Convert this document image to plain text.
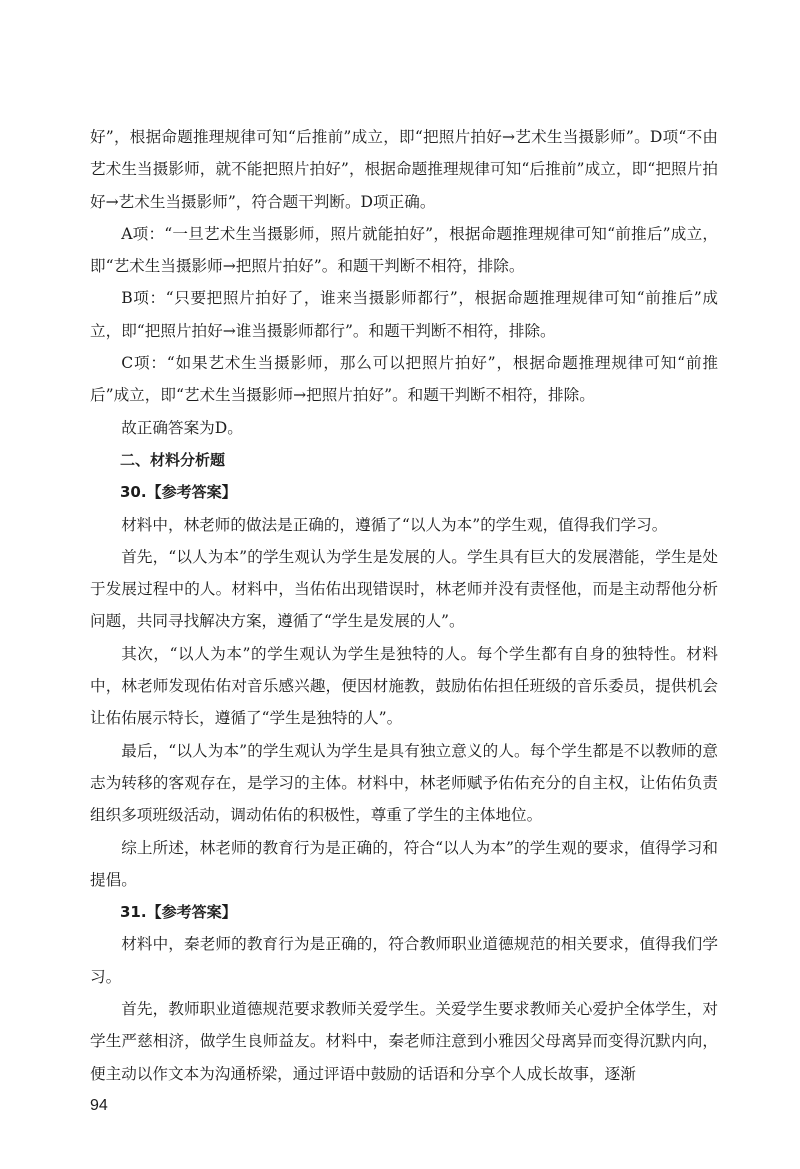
好”，根据命题推理规律可知“后推前”成立，即“把照片拍好→艺术生当摄影师”。D项“不由艺术生当摄影师，就不能把照片拍好”，根据命题推理规律可知“后推前”成立，即“把照片拍好→艺术生当摄影师”，符合题干判断。D项正确。

A项：“一旦艺术生当摄影师，照片就能拍好”，根据命题推理规律可知“前推后”成立，即“艺术生当摄影师→把照片拍好”。和题干判断不相符，排除。

B项：“只要把照片拍好了，谁来当摄影师都行”，根据命题推理规律可知“前推后”成立，即“把照片拍好→谁当摄影师都行”。和题干判断不相符，排除。

C项：“如果艺术生当摄影师，那么可以把照片拍好”，根据命题推理规律可知“前推后”成立，即“艺术生当摄影师→把照片拍好”。和题干判断不相符，排除。

故正确答案为D。

二、材料分析题

30.【参考答案】

材料中，林老师的做法是正确的，遵循了“以人为本”的学生观，值得我们学习。

首先，“以人为本”的学生观认为学生是发展的人。学生具有巨大的发展潜能，学生是处于发展过程中的人。材料中，当佑佑出现错误时，林老师并没有责怪他，而是主动帮他分析问题，共同寻找解决方案，遵循了“学生是发展的人”。

其次，“以人为本”的学生观认为学生是独特的人。每个学生都有自身的独特性。材料中，林老师发现佑佑对音乐感兴趣，便因材施教，鼓励佑佑担任班级的音乐委员，提供机会让佑佑展示特长，遵循了“学生是独特的人”。

最后，“以人为本”的学生观认为学生是具有独立意义的人。每个学生都是不以教师的意志为转移的客观存在，是学习的主体。材料中，林老师赋予佑佑充分的自主权，让佑佑负责组织多项班级活动，调动佑佑的积极性，尊重了学生的主体地位。

综上所述，林老师的教育行为是正确的，符合“以人为本”的学生观的要求，值得学习和提倡。

31.【参考答案】

材料中，秦老师的教育行为是正确的，符合教师职业道德规范的相关要求，值得我们学习。

首先，教师职业道德规范要求教师关爱学生。关爱学生要求教师关心爱护全体学生，对学生严慈相济，做学生良师益友。材料中，秦老师注意到小雅因父母离异而变得沉默内向，便主动以作文本为沟通桥梁，通过评语中鼓励的话语和分享个人成长故事，逐渐

94
